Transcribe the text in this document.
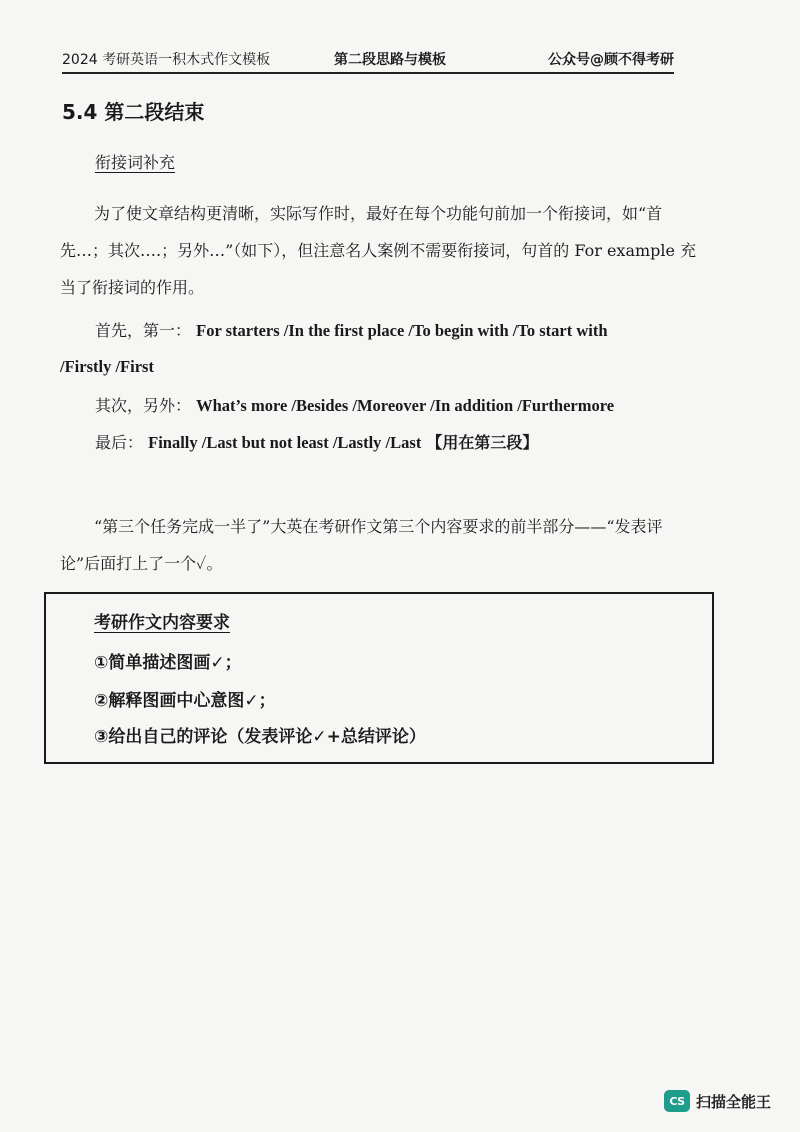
2024 考研英语一积木式作文模板	第二段思路与模板	公众号@顾不得考研
5.4 第二段结束
衔接词补充
为了使文章结构更清晰，实际写作时，最好在每个功能句前加一个衔接词，如“首先…；其次….；另外…”（如下），但注意名人案例不需要衔接词，句首的 For example 充当了衔接词的作用。
首先，第一： For starters /In the first place /To begin with /To start with
/Firstly /First
其次，另外： What’s more /Besides /Moreover /In addition /Furthermore
最后： Finally /Last but not least /Lastly /Last 【用在第三段】
“第三个任务完成一半了”大英在考研作文第三个内容要求的前半部分——“发表评论”后面打上了一个✓。
考研作文内容要求
①简单描述图画✓；
②解释图画中心意图✓；
③给出自己的评论（发表评论✓+总结评论）
CS 扫描全能王
